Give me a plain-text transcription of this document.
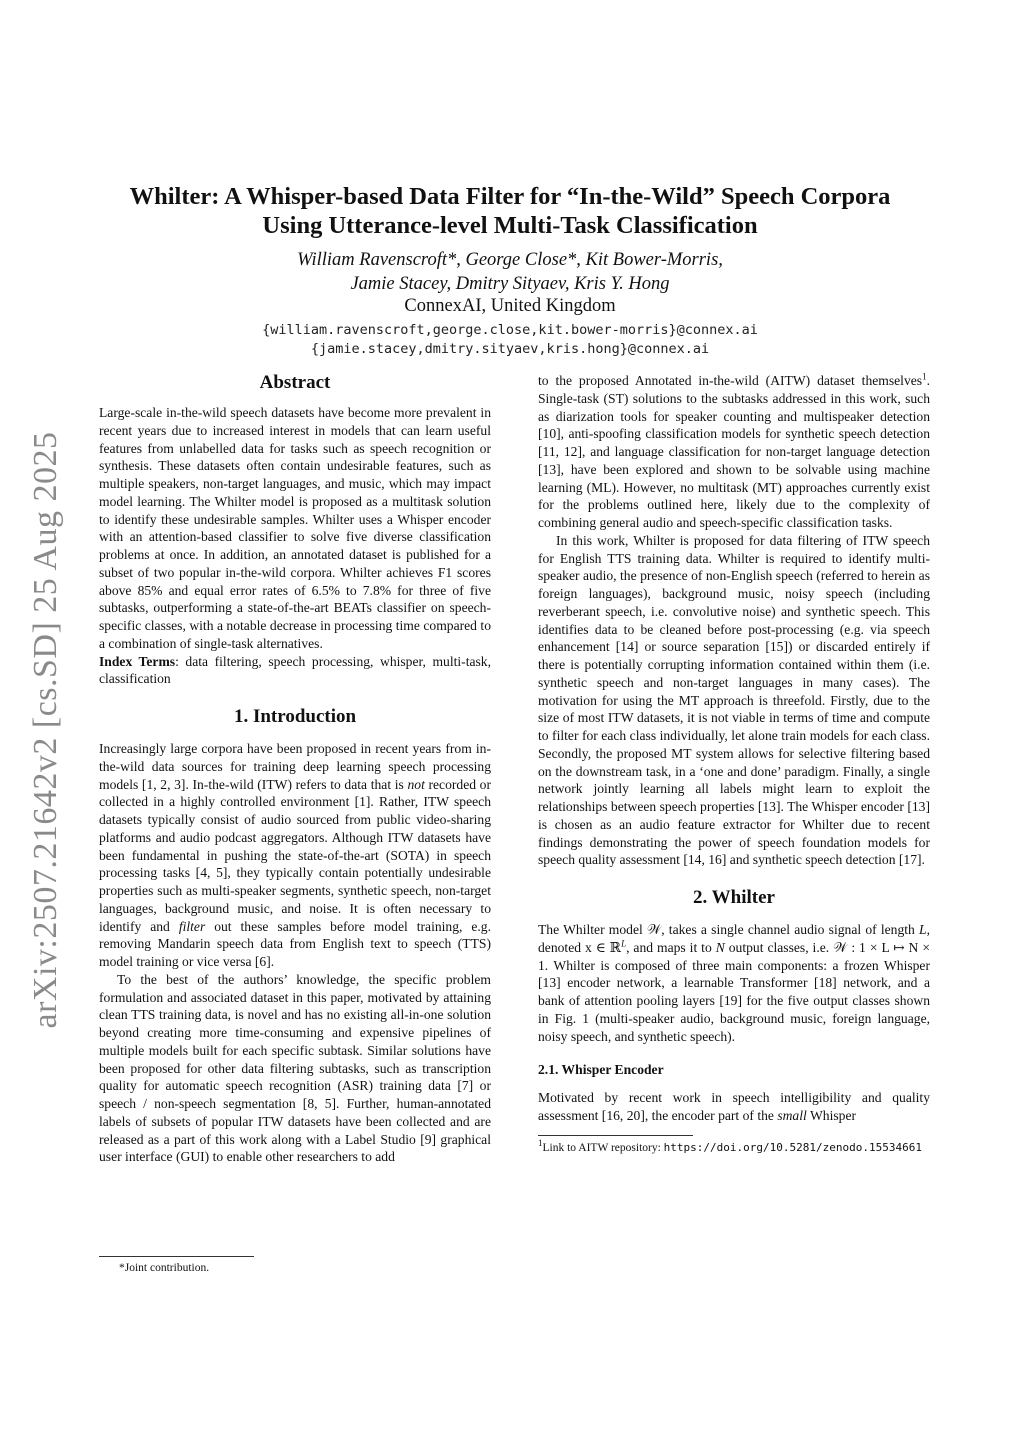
arXiv:2507.21642v2 [cs.SD] 25 Aug 2025
Whilter: A Whisper-based Data Filter for “In-the-Wild” Speech Corpora
Using Utterance-level Multi-Task Classification
William Ravenscroft*, George Close*, Kit Bower-Morris,
Jamie Stacey, Dmitry Sityaev, Kris Y. Hong
ConnexAI, United Kingdom
{william.ravenscroft,george.close,kit.bower-morris}@connex.ai
{jamie.stacey,dmitry.sityaev,kris.hong}@connex.ai
Abstract

Large-scale in-the-wild speech datasets have become more prevalent in recent years due to increased interest in models that can learn useful features from unlabelled data for tasks such as speech recognition or synthesis. These datasets often contain undesirable features, such as multiple speakers, non-target languages, and music, which may impact model learning. The Whilter model is proposed as a multitask solution to identify these undesirable samples. Whilter uses a Whisper encoder with an attention-based classifier to solve five diverse classification problems at once. In addition, an annotated dataset is published for a subset of two popular in-the-wild corpora. Whilter achieves F1 scores above 85% and equal error rates of 6.5% to 7.8% for three of five subtasks, outperforming a state-of-the-art BEATs classifier on speech-specific classes, with a notable decrease in processing time compared to a combination of single-task alternatives.

Index Terms: data filtering, speech processing, whisper, multi-task, classification

1. Introduction

Increasingly large corpora have been proposed in recent years from in-the-wild data sources for training deep learning speech processing models [1, 2, 3]. In-the-wild (ITW) refers to data that is not recorded or collected in a highly controlled environment [1]. Rather, ITW speech datasets typically consist of audio sourced from public video-sharing platforms and audio podcast aggregators. Although ITW datasets have been fundamental in pushing the state-of-the-art (SOTA) in speech processing tasks [4, 5], they typically contain potentially undesirable properties such as multi-speaker segments, synthetic speech, non-target languages, background music, and noise. It is often necessary to identify and filter out these samples before model training, e.g. removing Mandarin speech data from English text to speech (TTS) model training or vice versa [6].

To the best of the authors’ knowledge, the specific problem formulation and associated dataset in this paper, motivated by attaining clean TTS training data, is novel and has no existing all-in-one solution beyond creating more time-consuming and expensive pipelines of multiple models built for each specific subtask. Similar solutions have been proposed for other data filtering subtasks, such as transcription quality for automatic speech recognition (ASR) training data [7] or speech / non-speech segmentation [8, 5]. Further, human-annotated labels of subsets of popular ITW datasets have been collected and are released as a part of this work along with a Label Studio [9] graphical user interface (GUI) to enable other researchers to add

*Joint contribution.

to the proposed Annotated in-the-wild (AITW) dataset themselves$^1$. Single-task (ST) solutions to the subtasks addressed in this work, such as diarization tools for speaker counting and multispeaker detection [10], anti-spoofing classification models for synthetic speech detection [11, 12], and language classification for non-target language detection [13], have been explored and shown to be solvable using machine learning (ML). However, no multitask (MT) approaches currently exist for the problems outlined here, likely due to the complexity of combining general audio and speech-specific classification tasks.

In this work, Whilter is proposed for data filtering of ITW speech for English TTS training data. Whilter is required to identify multi-speaker audio, the presence of non-English speech (referred to herein as foreign languages), background music, noisy speech (including reverberant speech, i.e. convolutive noise) and synthetic speech. This identifies data to be cleaned before post-processing (e.g. via speech enhancement [14] or source separation [15]) or discarded entirely if there is potentially corrupting information contained within them (i.e. synthetic speech and non-target languages in many cases). The motivation for using the MT approach is threefold. Firstly, due to the size of most ITW datasets, it is not viable in terms of time and compute to filter for each class individually, let alone train models for each class. Secondly, the proposed MT system allows for selective filtering based on the downstream task, in a ‘one and done’ paradigm. Finally, a single network jointly learning all labels might learn to exploit the relationships between speech properties [13]. The Whisper encoder [13] is chosen as an audio feature extractor for Whilter due to recent findings demonstrating the power of speech foundation models for speech quality assessment [14, 16] and synthetic speech detection [17].

2. Whilter

The Whilter model 𝒲, takes a single channel audio signal of length L, denoted x ∈ ℝ$^L$, and maps it to N output classes, i.e. 𝒲 : 1 × L ↦ N × 1. Whilter is composed of three main components: a frozen Whisper [13] encoder network, a learnable Transformer [18] network, and a bank of attention pooling layers [19] for the five output classes shown in Fig. 1 (multi-speaker audio, background music, foreign language, noisy speech, and synthetic speech).

2.1. Whisper Encoder

Motivated by recent work in speech intelligibility and quality assessment [16, 20], the encoder part of the small Whisper

$^1$Link to AITW repository: https://doi.org/10.5281/zenodo.15534661
